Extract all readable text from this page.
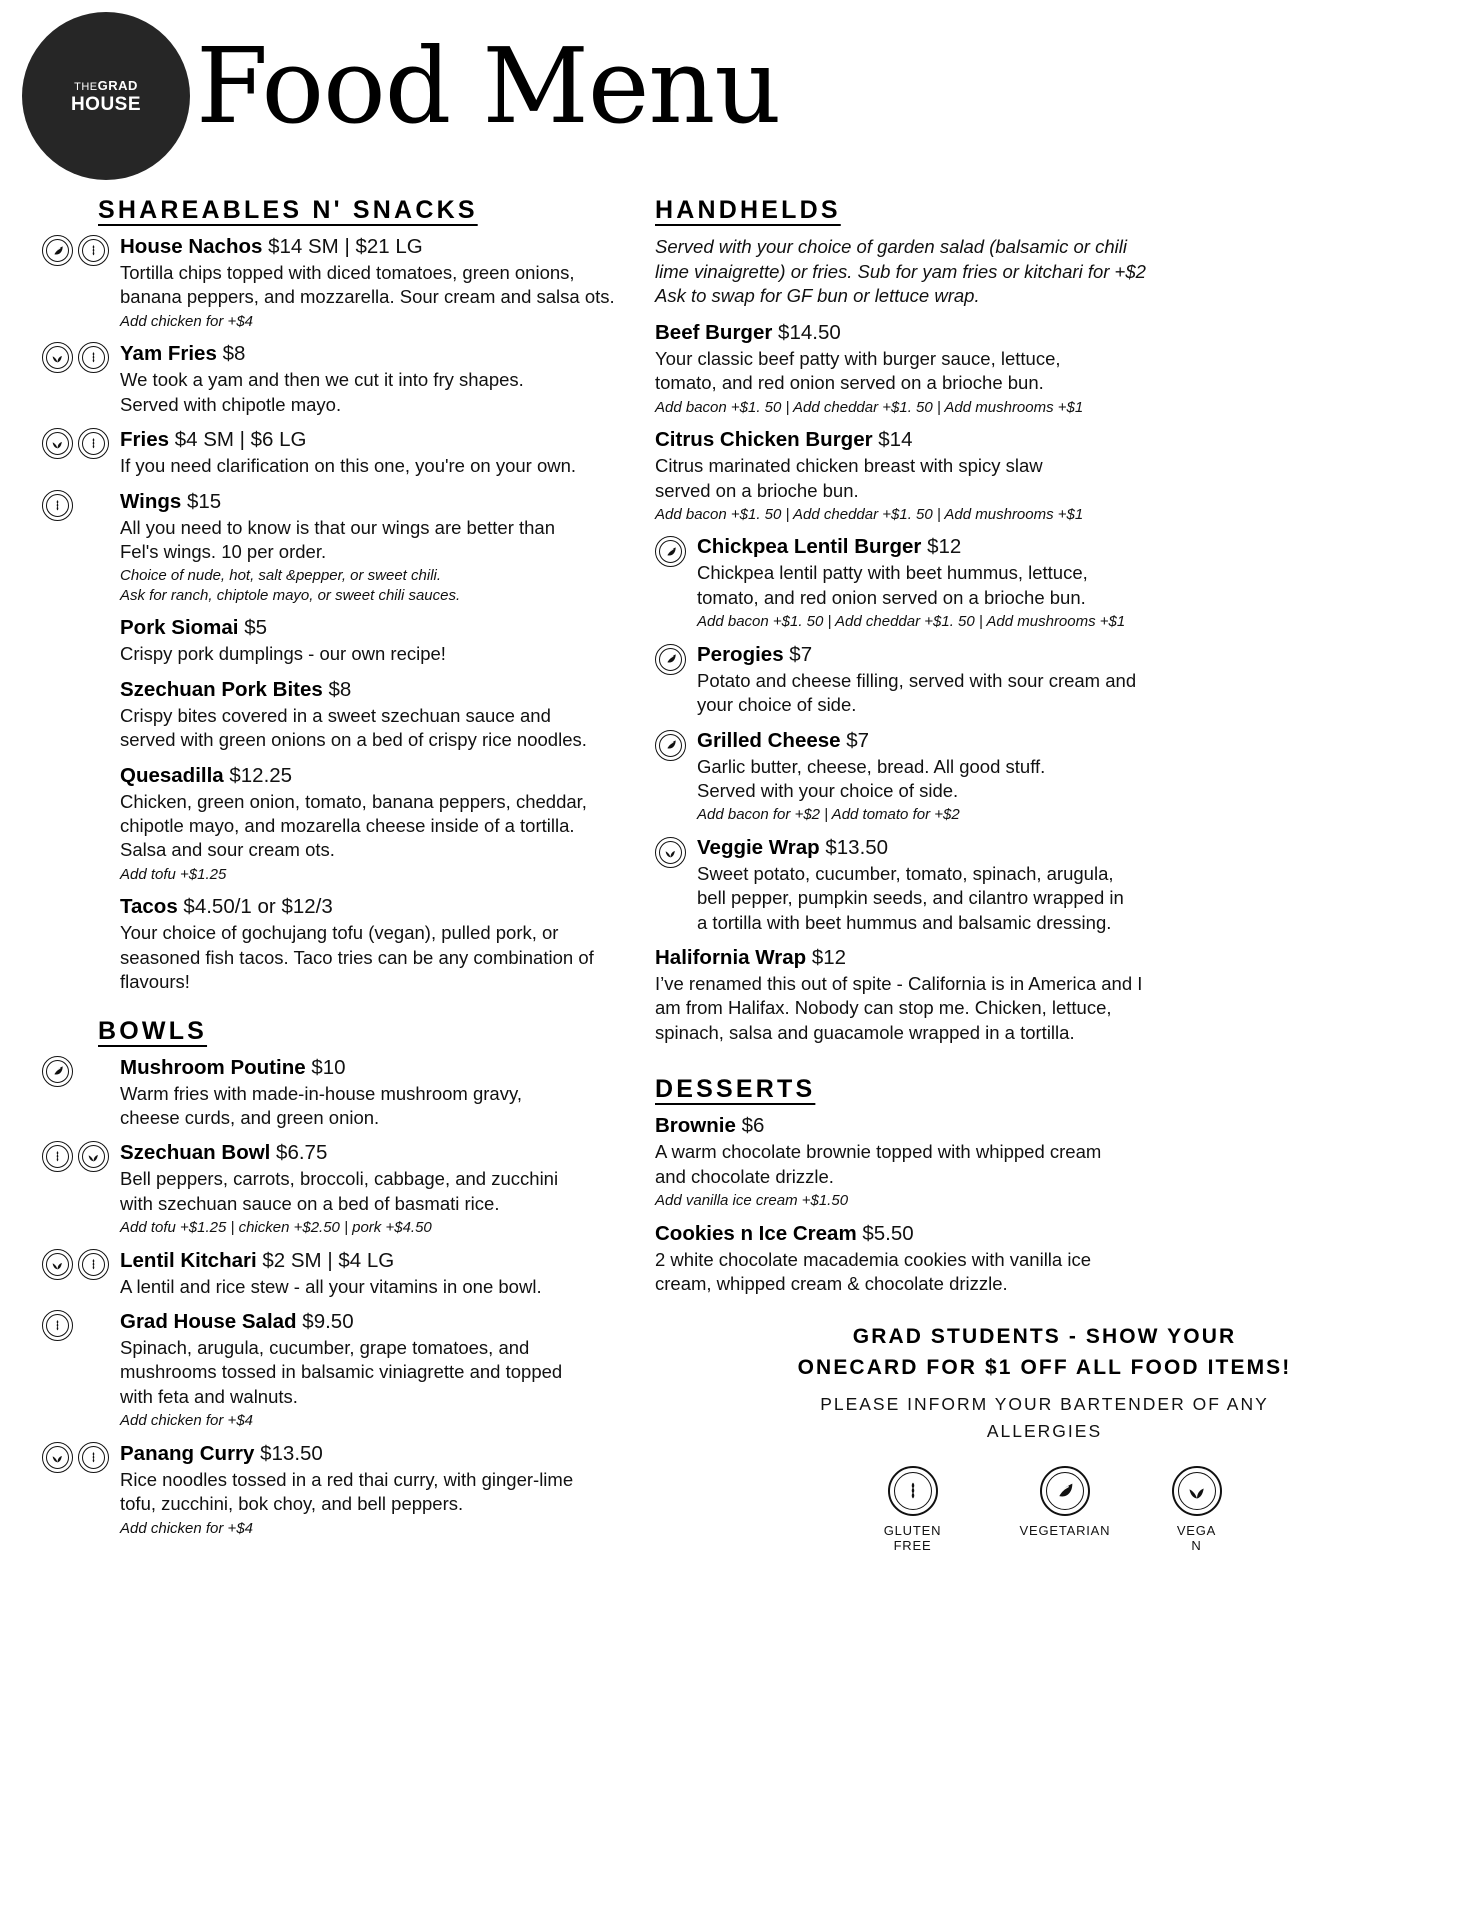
THEGRAD
HOUSE Food Menu
SHAREABLES N' SNACKS
House Nachos $14 SM | $21 LG
Tortilla chips topped with diced tomatoes, green onions,
banana peppers, and mozzarella. Sour cream and salsa ots.
Add chicken for +$4
Yam Fries $8
We took a yam and then we cut it into fry shapes.
Served with chipotle mayo.
Fries $4 SM | $6 LG
If you need clarification on this one, you're on your own.
Wings $15
All you need to know is that our wings are better than
Fel's wings. 10 per order.
Choice of nude, hot, salt &pepper, or sweet chili.
Ask for ranch, chiptole mayo, or sweet chili sauces.
Pork Siomai $5
Crispy pork dumplings - our own recipe!
Szechuan Pork Bites $8
Crispy bites covered in a sweet szechuan sauce and
served with green onions on a bed of crispy rice noodles.
Quesadilla $12.25
Chicken, green onion, tomato, banana peppers, cheddar,
chipotle mayo, and mozarella cheese inside of a tortilla.
Salsa and sour cream ots.
Add tofu +$1.25
Tacos $4.50/1 or $12/3
Your choice of gochujang tofu (vegan), pulled pork, or
seasoned fish tacos. Taco tries can be any combination of
flavours!
BOWLS
Mushroom Poutine $10
Warm fries with made-in-house mushroom gravy,
cheese curds, and green onion.
Szechuan Bowl $6.75
Bell peppers, carrots, broccoli, cabbage, and zucchini
with szechuan sauce on a bed of basmati rice.
Add tofu +$1.25 | chicken +$2.50 | pork +$4.50
Lentil Kitchari $2 SM | $4 LG
A lentil and rice stew - all your vitamins in one bowl.
Grad House Salad $9.50
Spinach, arugula, cucumber, grape tomatoes, and
mushrooms tossed in balsamic viniagrette and topped
with feta and walnuts.
Add chicken for +$4
Panang Curry $13.50
Rice noodles tossed in a red thai curry, with ginger-lime
tofu, zucchini, bok choy, and bell peppers.
Add chicken for +$4
HANDHELDS
Served with your choice of garden salad (balsamic or chili
lime vinaigrette) or fries. Sub for yam fries or kitchari for +$2
Ask to swap for GF bun or lettuce wrap.
Beef Burger $14.50
Your classic beef patty with burger sauce, lettuce,
tomato, and red onion served on a brioche bun.
Add bacon +$1. 50 | Add cheddar +$1. 50 | Add mushrooms +$1
Citrus Chicken Burger $14
Citrus marinated chicken breast with spicy slaw
served on a brioche bun.
Add bacon +$1. 50 | Add cheddar +$1. 50 | Add mushrooms +$1
Chickpea Lentil Burger $12
Chickpea lentil patty with beet hummus, lettuce,
tomato, and red onion served on a brioche bun.
Add bacon +$1. 50 | Add cheddar +$1. 50 | Add mushrooms +$1
Perogies $7
Potato and cheese filling, served with sour cream and
your choice of side.
Grilled Cheese $7
Garlic butter, cheese, bread. All good stuff.
Served with your choice of side.
Add bacon for +$2 | Add tomato for +$2
Veggie Wrap $13.50
Sweet potato, cucumber, tomato, spinach, arugula,
bell pepper, pumpkin seeds, and cilantro wrapped in
a tortilla with beet hummus and balsamic dressing.
Halifornia Wrap $12
I’ve renamed this out of spite - California is in America and I
am from Halifax. Nobody can stop me. Chicken, lettuce,
spinach, salsa and guacamole wrapped in a tortilla.
DESSERTS
Brownie $6
A warm chocolate brownie topped with whipped cream
and chocolate drizzle.
Add vanilla ice cream +$1.50
Cookies n Ice Cream $5.50
2 white chocolate macademia cookies with vanilla ice
cream, whipped cream & chocolate drizzle.
GRAD STUDENTS - SHOW YOUR
ONECARD FOR $1 OFF ALL FOOD ITEMS!
PLEASE INFORM YOUR BARTENDER OF ANY
ALLERGIES
GLUTEN FREE
VEGETARIAN	VEGA
N
